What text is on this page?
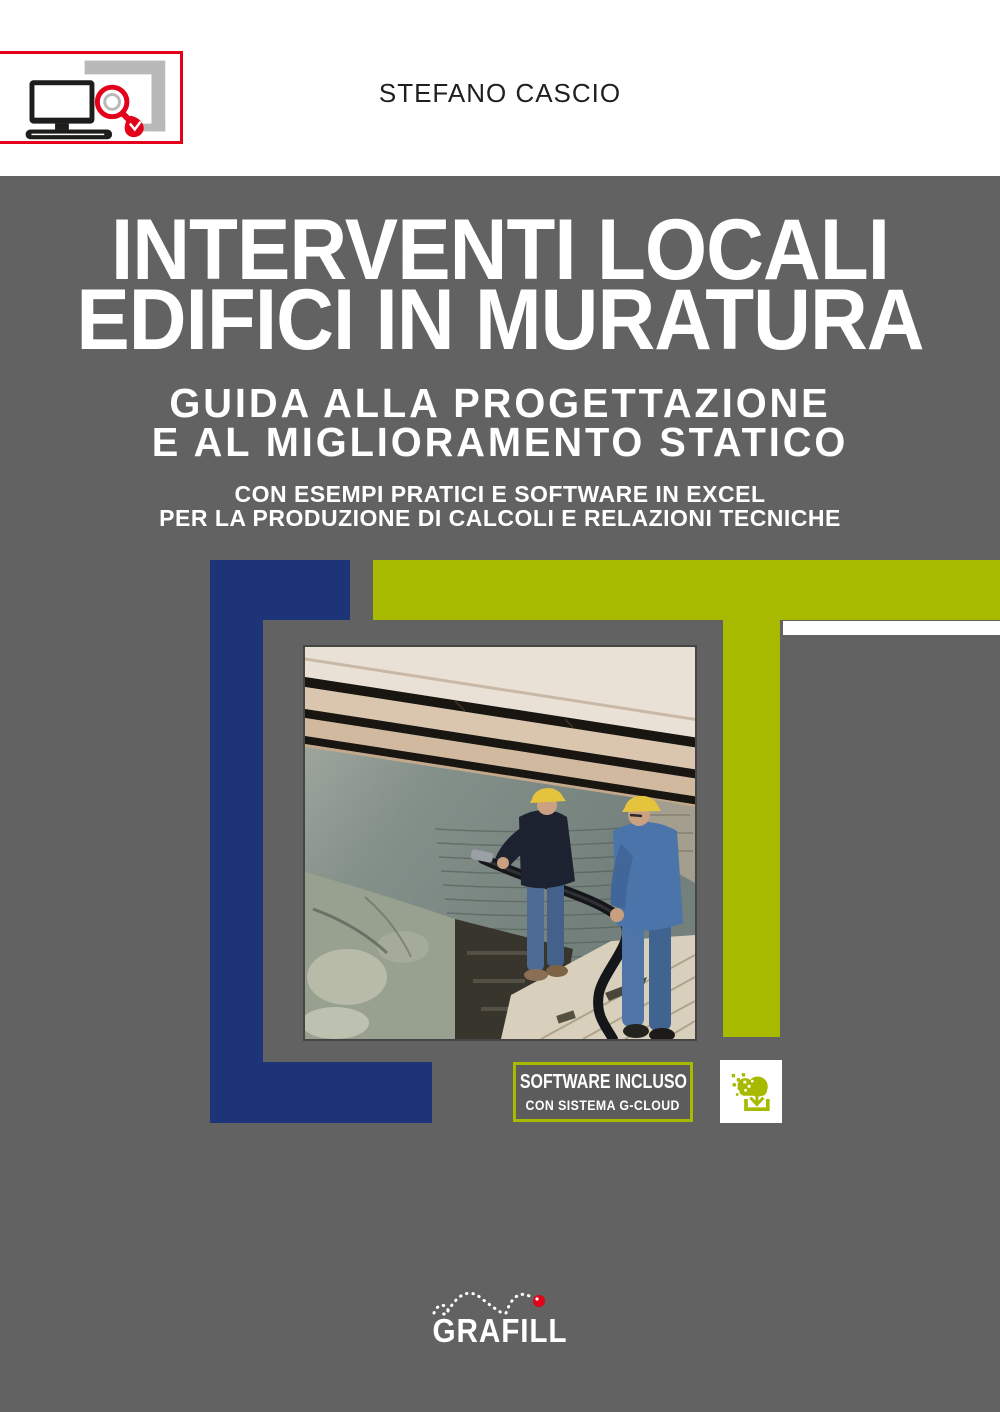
STEFANO CASCIO
INTERVENTI LOCALI
EDIFICI IN MURATURA
GUIDA ALLA PROGETTAZIONE
E AL MIGLIORAMENTO STATICO
CON ESEMPI PRATICI E SOFTWARE IN EXCEL
PER LA PRODUZIONE DI CALCOLI E RELAZIONI TECNICHE
SOFTWARE INCLUSO
CON SISTEMA G-CLOUD
GRAFILL
